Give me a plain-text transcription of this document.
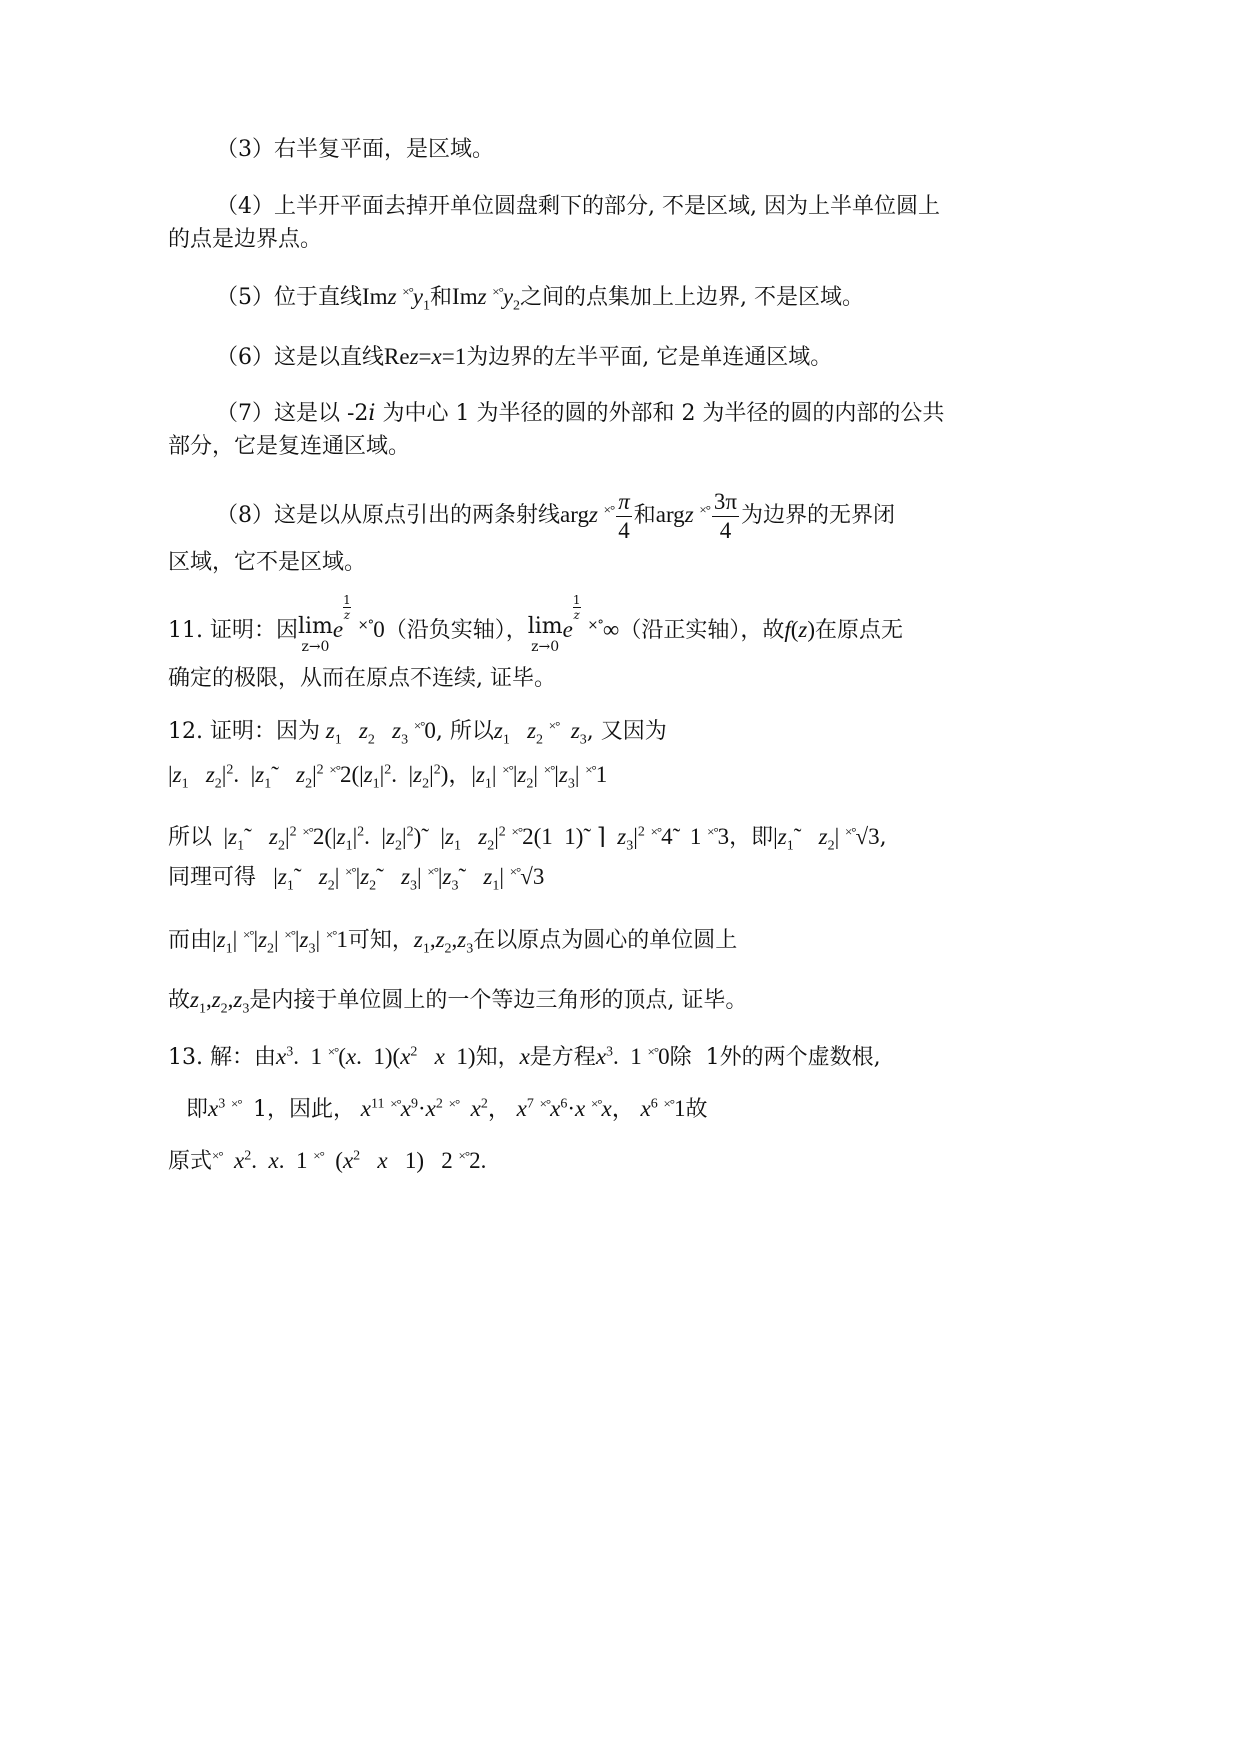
（3）右半复平面，是区域。
（4）上半开平面去掉开单位圆盘剩下的部分, 不是区域, 因为上半单位圆上
的点是边界点。
（5）位于直线Imz $^{\times^\circ}y_1$和Imz $^{\times^\circ}y_2$之间的点集加上上边界, 不是区域。
（6）这是以直线Rez=x=1为边界的左半平面, 它是单连通区域。
（7）这是以 -2i 为中心 1 为半径的圆的外部和 2 为半径的圆的内部的公共
部分，它是复连通区域。
（8）这是以从原点引出的两条射线argz $^{\times^\circ} \frac{\pi}{4}$ 和argz $^{\times^\circ} \frac{3\pi}{4}$ 为边界的无界闭
区域，它不是区域。
11. 证明：因lim
z→0
e
$\frac{1}{z} ^{\times^\circ}0$（沿负实轴），lim
z→0
e
$\frac{1}{z} ^{\times^\circ}\infty$（沿正实轴），故f(z)在原点无
确定的极限，从而在原点不连续, 证毕。
12. 证明：因为 $z_1$ $z_2$ $z_3$ ×°0, 所以$z_1$ $z_2$ ×° $z_3$, 又因为
$|z_1$ $z_2|^2$.  $|z_1˜$   $z_2|^2$ $^{\times^\circ}2(|z_1|^2$.  $|z_2|^2$)，$|z_1|$ $^{\times^\circ}|z_2|$ $^{\times^\circ}|z_3|$ ×°1
所以  $|z_1˜$   $z_2|^2$ $^{\times^\circ}2(|z_1|^2$.  $|z_2|^2)˜$  $|z_1$ $z_2|^2$ ×°2(1  1)˜ ⌉  $z_3|^2$ ×°4̃   1 ×°3，即$|z_1˜$   $z_2|$ ×°√3,
同理可得   $|z_1˜$   $z_2|$ $^{\times^\circ}|z_2˜$   $z_3|$ $^{\times^\circ}|z_3˜$   $z_1|$ ×°√3
而由$|z_1|$ $^{\times^\circ}|z_2|$ $^{\times^\circ}|z_3|$ ×°1可知，$z_1,z_2,z_3$在以原点为圆心的单位圆上
故$z_1,z_2,z_3$是内接于单位圆上的一个等边三角形的顶点, 证毕。
13. 解：由$x^3$.  1 ×°(x.  $1)(x^2$ x  1)知，x是方程$x^3$.  1 ×°0除 1外的两个虚数根,
即$x^3$ ×° 1，因此， $x^{11}$ $^{\times^\circ}x^9\cdot x^2$ ×° $x^2$， $x^7$ $^{\times^\circ}x^6\cdot x$ ×°x， $x^6$ ×°1故
原式×° $x^2$.  x.  1 ×°  ($x^2$ x   1)   2 ×°2.
